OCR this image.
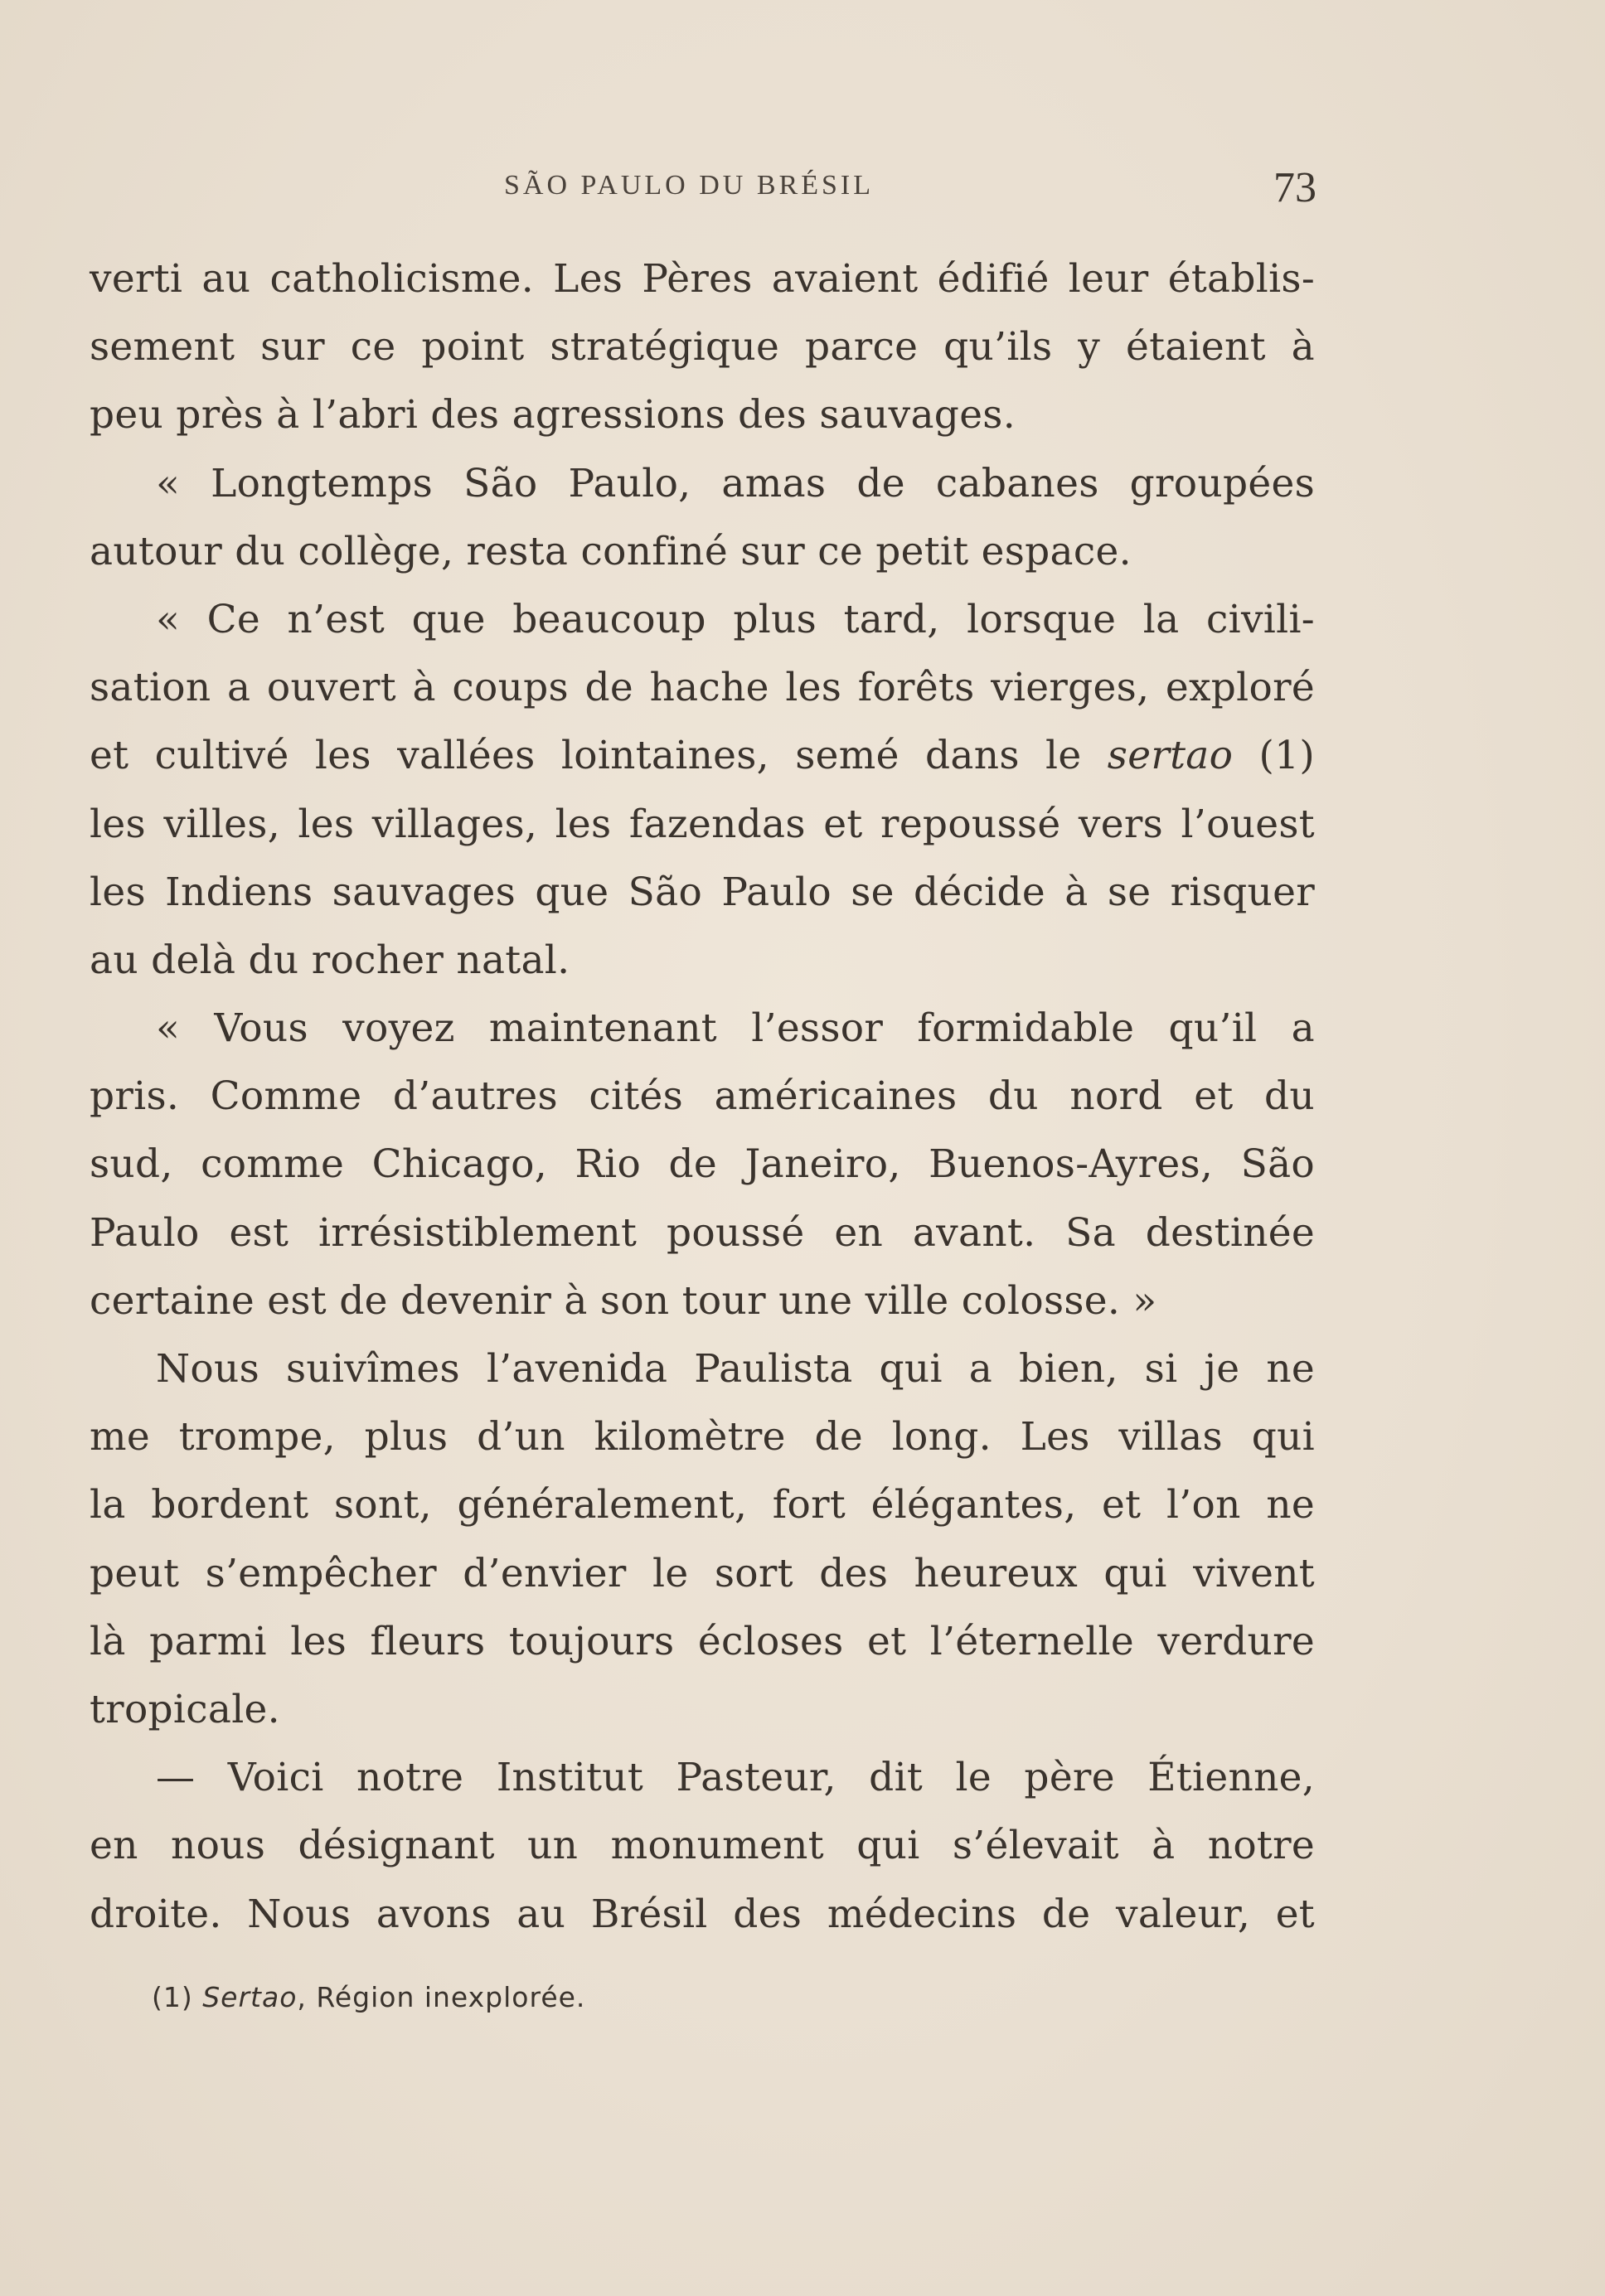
SÃO PAULO DU BRÉSIL	73
verti au catholicisme. Les Pères avaient édifié leur établis-
sement sur ce point stratégique parce qu’ils y étaient à
peu près à l’abri des agressions des sauvages.
« Longtemps São Paulo, amas de cabanes groupées
autour du collège, resta confiné sur ce petit espace.
« Ce n’est que beaucoup plus tard, lorsque la civili-
sation a ouvert à coups de hache les forêts vierges, exploré
et cultivé les vallées lointaines, semé dans le sertao (1)
les villes, les villages, les fazendas et repoussé vers l’ouest
les Indiens sauvages que São Paulo se décide à se risquer
au delà du rocher natal.
« Vous voyez maintenant l’essor formidable qu’il a
pris. Comme d’autres cités américaines du nord et du
sud, comme Chicago, Rio de Janeiro, Buenos-Ayres, São
Paulo est irrésistiblement poussé en avant. Sa destinée
certaine est de devenir à son tour une ville colosse. »
Nous suivîmes l’avenida Paulista qui a bien, si je ne
me trompe, plus d’un kilomètre de long. Les villas qui
la bordent sont, généralement, fort élégantes, et l’on ne
peut s’empêcher d’envier le sort des heureux qui vivent
là parmi les fleurs toujours écloses et l’éternelle verdure
tropicale.
— Voici notre Institut Pasteur, dit le père Étienne,
en nous désignant un monument qui s’élevait à notre
droite. Nous avons au Brésil des médecins de valeur, et
(1) Sertao, Région inexplorée.
